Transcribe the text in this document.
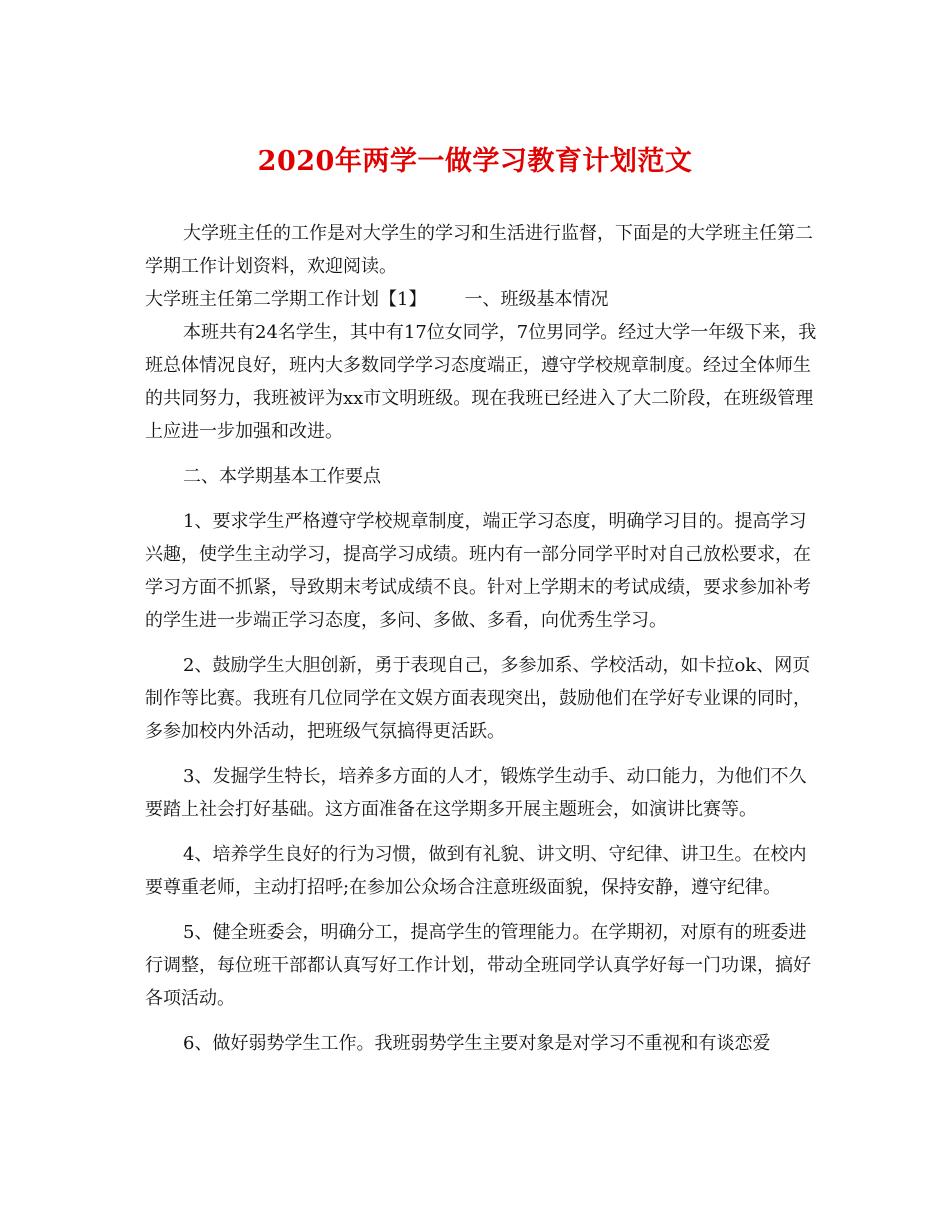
2020年两学一做学习教育计划范文

大学班主任的工作是对大学生的学习和生活进行监督，下面是的大学班主任第二学期工作计划资料，欢迎阅读。

大学班主任第二学期工作计划【1】 一、班级基本情况

本班共有24名学生，其中有17位女同学，7位男同学。经过大学一年级下来，我班总体情况良好，班内大多数同学学习态度端正，遵守学校规章制度。经过全体师生的共同努力，我班被评为xx市文明班级。现在我班已经进入了大二阶段，在班级管理上应进一步加强和改进。

二、本学期基本工作要点

1、要求学生严格遵守学校规章制度，端正学习态度，明确学习目的。提高学习兴趣，使学生主动学习，提高学习成绩。班内有一部分同学平时对自己放松要求，在学习方面不抓紧，导致期末考试成绩不良。针对上学期末的考试成绩，要求参加补考的学生进一步端正学习态度，多问、多做、多看，向优秀生学习。

2、鼓励学生大胆创新，勇于表现自己，多参加系、学校活动，如卡拉ok、网页制作等比赛。我班有几位同学在文娱方面表现突出，鼓励他们在学好专业课的同时，多参加校内外活动，把班级气氛搞得更活跃。

3、发掘学生特长，培养多方面的人才，锻炼学生动手、动口能力，为他们不久要踏上社会打好基础。这方面准备在这学期多开展主题班会，如演讲比赛等。

4、培养学生良好的行为习惯，做到有礼貌、讲文明、守纪律、讲卫生。在校内要尊重老师，主动打招呼;在参加公众场合注意班级面貌，保持安静，遵守纪律。

5、健全班委会，明确分工，提高学生的管理能力。在学期初，对原有的班委进行调整，每位班干部都认真写好工作计划，带动全班同学认真学好每一门功课，搞好各项活动。

6、做好弱势学生工作。我班弱势学生主要对象是对学习不重视和有谈恋爱
